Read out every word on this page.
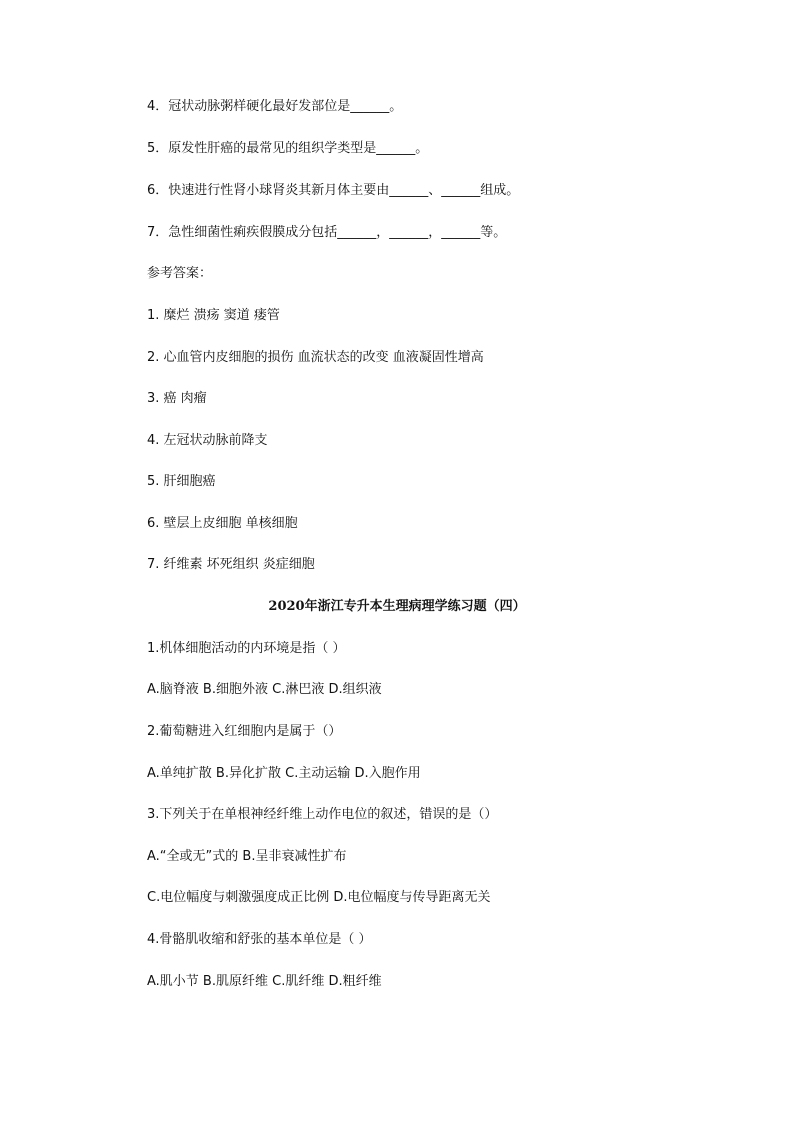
4．冠状动脉粥样硬化最好发部位是______。
5．原发性肝癌的最常见的组织学类型是______。
6．快速进行性肾小球肾炎其新月体主要由______、______组成。
7．急性细菌性痢疾假膜成分包括______，______，______等。
参考答案：
1. 糜烂 溃疡 窦道 瘘管
2. 心血管内皮细胞的损伤 血流状态的改变 血液凝固性增高
3. 癌 肉瘤
4. 左冠状动脉前降支
5. 肝细胞癌
6. 壁层上皮细胞 单核细胞
7. 纤维素 坏死组织 炎症细胞
2020年浙江专升本生理病理学练习题（四）
1.机体细胞活动的内环境是指（ ）
A.脑脊液 B.细胞外液 C.淋巴液 D.组织液
2.葡萄糖进入红细胞内是属于（）
A.单纯扩散 B.异化扩散 C.主动运输 D.入胞作用
3.下列关于在单根神经纤维上动作电位的叙述，错误的是（）
A.“全或无”式的 B.呈非衰减性扩布
C.电位幅度与刺激强度成正比例 D.电位幅度与传导距离无关
4.骨骼肌收缩和舒张的基本单位是（ ）
A.肌小节 B.肌原纤维 C.肌纤维 D.粗纤维
